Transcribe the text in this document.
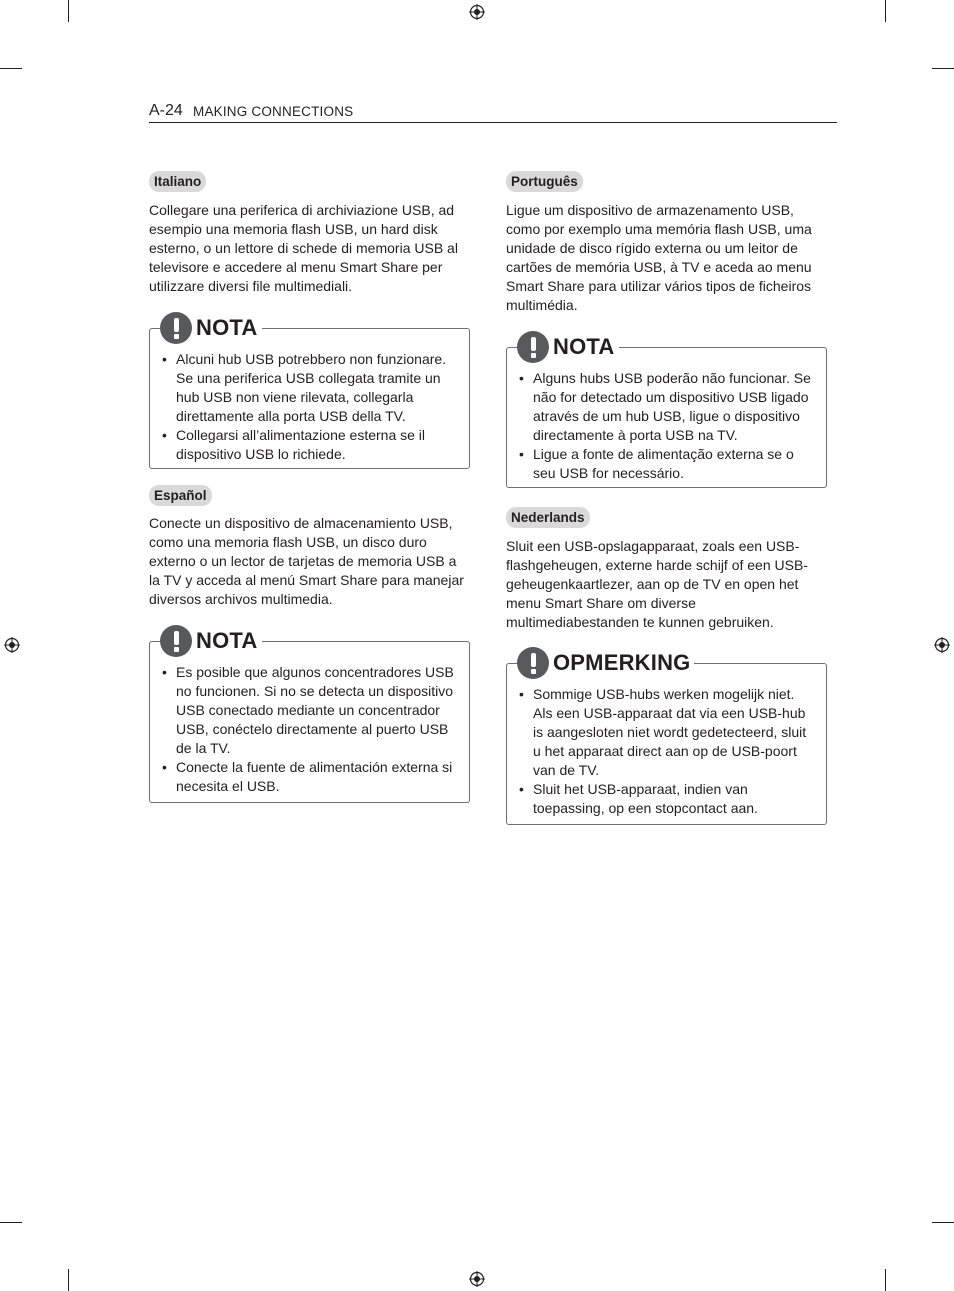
A-24 MAKING CONNECTIONS
Italiano

Collegare una periferica di archiviazione USB, ad esempio una memoria flash USB, un hard disk esterno, o un lettore di schede di memoria USB al televisore e accedere al menu Smart Share per utilizzare diversi file multimediali.

NOTA
• Alcuni hub USB potrebbero non funzionare. Se una periferica USB collegata tramite un hub USB non viene rilevata, collegarla direttamente alla porta USB della TV.
• Collegarsi all’alimentazione esterna se il dispositivo USB lo richiede.
Español

Conecte un dispositivo de almacenamiento USB, como una memoria flash USB, un disco duro externo o un lector de tarjetas de memoria USB a la TV y acceda al menú Smart Share para manejar diversos archivos multimedia.

NOTA
• Es posible que algunos concentradores USB no funcionen. Si no se detecta un dispositivo USB conectado mediante un concentrador USB, conéctelo directamente al puerto USB de la TV.
• Conecte la fuente de alimentación externa si necesita el USB.
Português

Ligue um dispositivo de armazenamento USB, como por exemplo uma memória flash USB, uma unidade de disco rígido externa ou um leitor de cartões de memória USB, à TV e aceda ao menu Smart Share para utilizar vários tipos de ficheiros multimédia.

NOTA
• Alguns hubs USB poderão não funcionar. Se não for detectado um dispositivo USB ligado através de um hub USB, ligue o dispositivo directamente à porta USB na TV.
• Ligue a fonte de alimentação externa se o seu USB for necessário.
Nederlands

Sluit een USB-opslagapparaat, zoals een USB-flashgeheugen, externe harde schijf of een USB-geheugenkaartlezer, aan op de TV en open het menu Smart Share om diverse multimediabestanden te kunnen gebruiken.

OPMERKING
• Sommige USB-hubs werken mogelijk niet. Als een USB-apparaat dat via een USB-hub is aangesloten niet wordt gedetecteerd, sluit u het apparaat direct aan op de USB-poort van de TV.
• Sluit het USB-apparaat, indien van toepassing, op een stopcontact aan.
